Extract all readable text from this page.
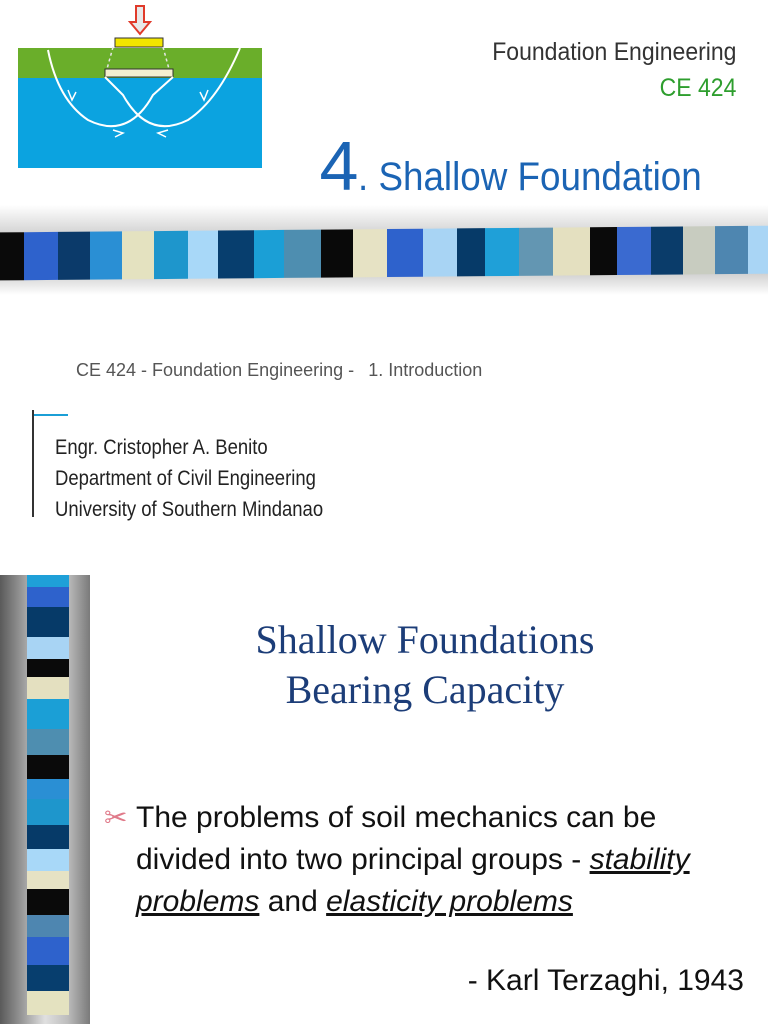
Foundation Engineering
CE 424
4 . Shallow Foundation
CE 424 - Foundation Engineering - 1. Introduction
Engr. Cristopher A. Benito
Department of Civil Engineering
University of Southern Mindanao
Shallow Foundations
Bearing Capacity
✂ The problems of soil mechanics can be divided into two principal groups - stability problems and elasticity problems
- Karl Terzaghi, 1943
